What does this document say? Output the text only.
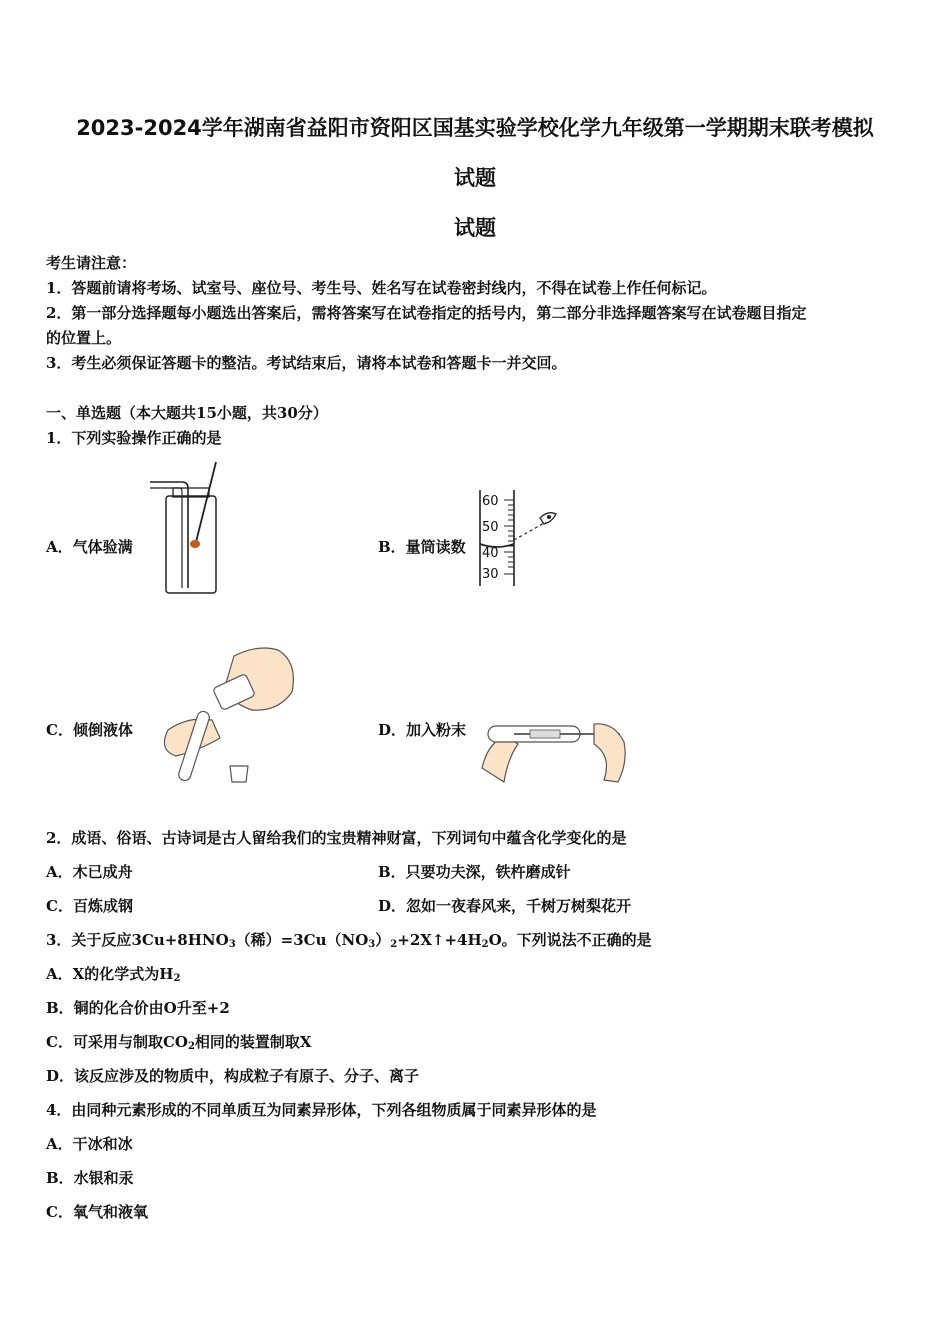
2023-2024学年湖南省益阳市资阳区国基实验学校化学九年级第一学期期末联考模拟
试题
试题
考生请注意：
1．答题前请将考场、试室号、座位号、考生号、姓名写在试卷密封线内，不得在试卷上作任何标记。
2．第一部分选择题每小题选出答案后，需将答案写在试卷指定的括号内，第二部分非选择题答案写在试卷题目指定
的位置上。
3．考生必须保证答题卡的整洁。考试结束后，请将本试卷和答题卡一并交回。
一、单选题（本大题共15小题，共30分）
1．下列实验操作正确的是
A．气体验满	B．量筒读数
60
50
40
30
C．倾倒液体	D．加入粉末
2．成语、俗语、古诗词是古人留给我们的宝贵精神财富，下列词句中蕴含化学变化的是
A．木已成舟	B．只要功夫深，铁杵磨成针
C．百炼成钢	D．忽如一夜春风来，千树万树梨花开
3．关于反应$3Cu+8HNO_3$（稀）$=3Cu(NO_3)_2+2X↑+4H_2O$。下列说法不正确的是
A．X的化学式为$H_2$
B．铜的化合价由O升至+2
C．可采用与制取$CO_2$相同的装置制取X
D．该反应涉及的物质中，构成粒子有原子、分子、离子
4．由同种元素形成的不同单质互为同素异形体，下列各组物质属于同素异形体的是
A．干冰和冰
B．水银和汞
C．氧气和液氧
